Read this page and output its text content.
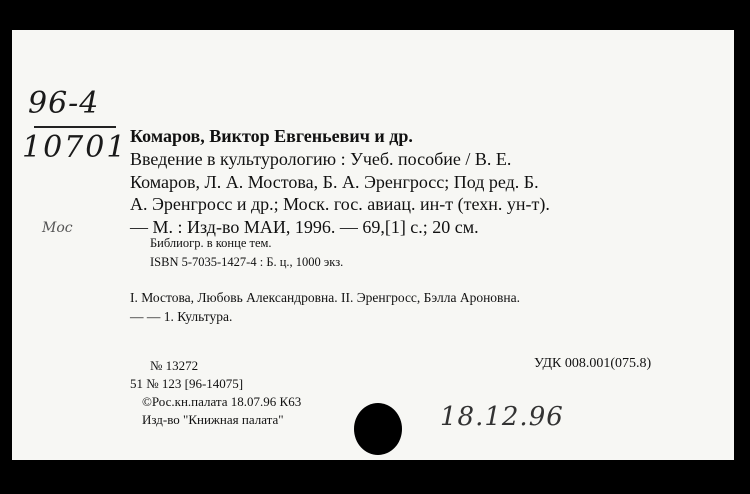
96-4
10701
Мос
Комаров, Виктор Евгеньевич и др.
Введение в культурологию : Учеб. пособие / В. Е.
Комаров, Л. А. Мостова, Б. А. Эренгросс; Под ред. Б.
А. Эренгросс и др.; Моск. гос. авиац. ин-т (техн. ун-т).
— М. : Изд-во МАИ, 1996. — 69,[1] с.; 20 см.
Библиогр. в конце тем.
ISBN 5-7035-1427-4 : Б. ц., 1000 экз.
I. Мостова, Любовь Александровна. II. Эренгросс, Бэлла Ароновна.
— — 1. Культура.
№ 13272	УДК 008.001(075.8)
51 № 123 [96-14075]
©Рос.кн.палата 18.07.96 К63
Изд-во "Книжная палата"	18.12.96
